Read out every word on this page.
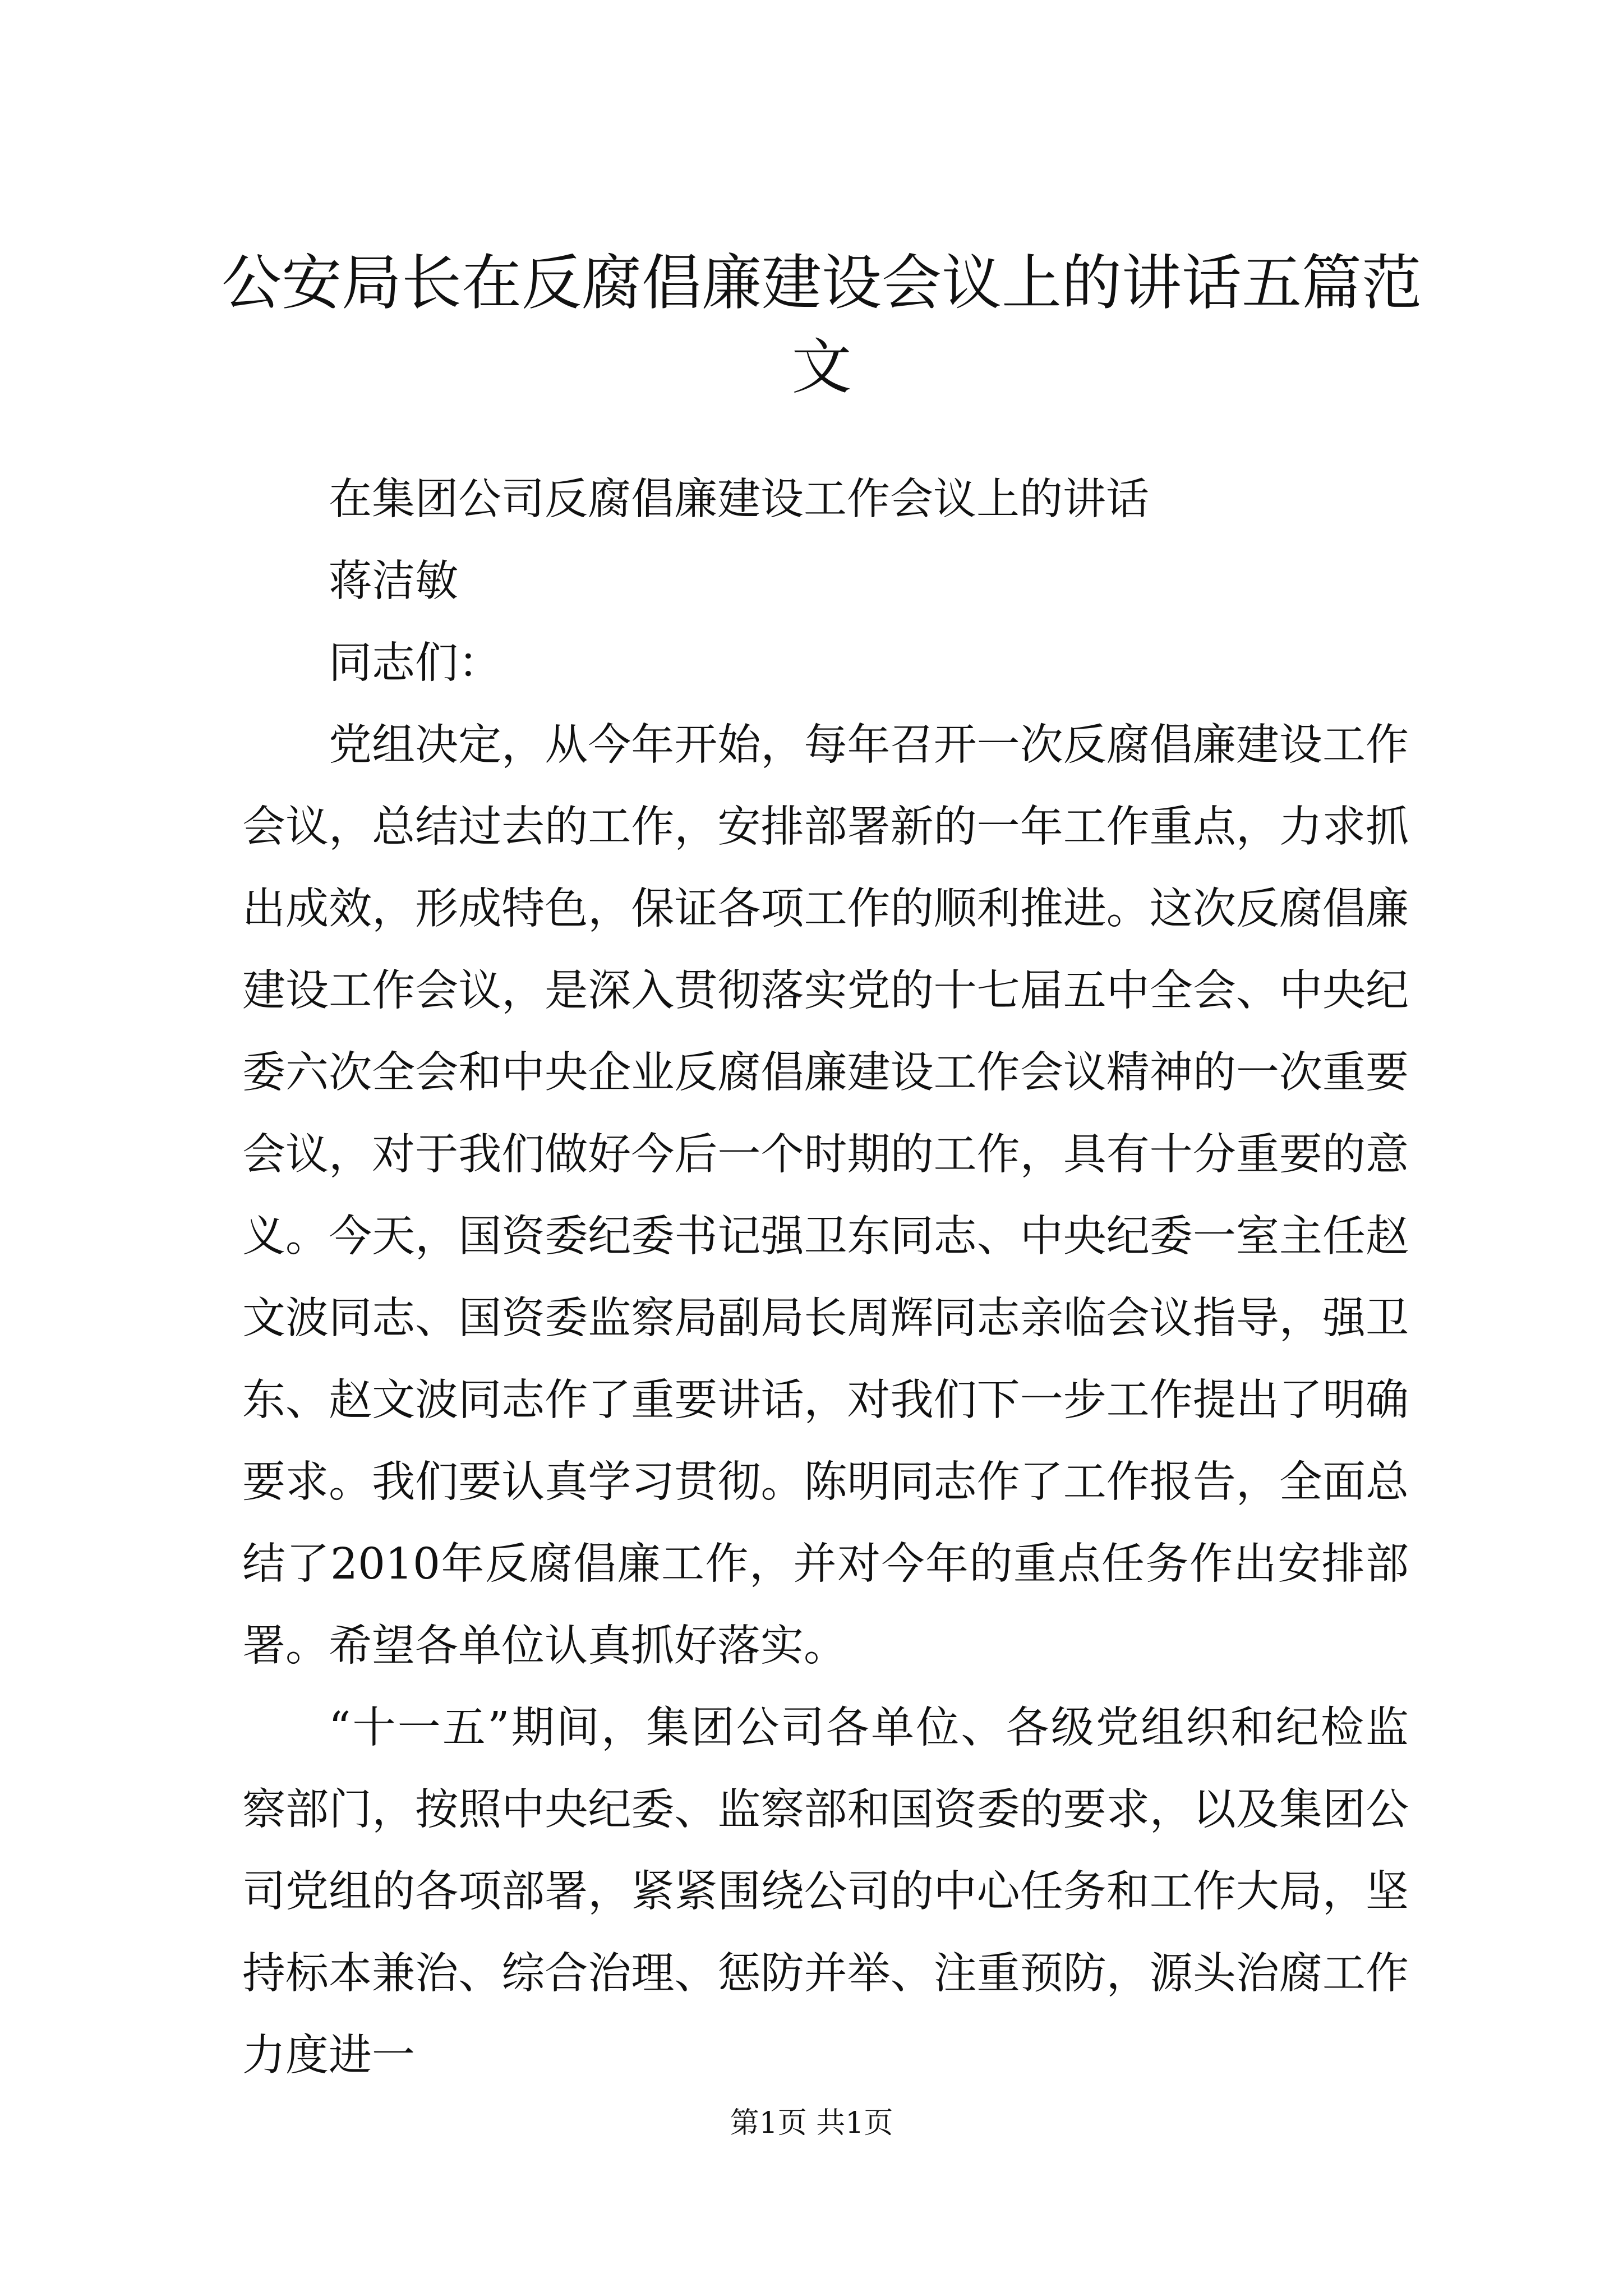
公安局长在反腐倡廉建设会议上的讲话五篇范文

在集团公司反腐倡廉建设工作会议上的讲话

蒋洁敏

同志们：

党组决定，从今年开始，每年召开一次反腐倡廉建设工作会议，总结过去的工作，安排部署新的一年工作重点，力求抓出成效，形成特色，保证各项工作的顺利推进。这次反腐倡廉建设工作会议，是深入贯彻落实党的十七届五中全会、中央纪委六次全会和中央企业反腐倡廉建设工作会议精神的一次重要会议，对于我们做好今后一个时期的工作，具有十分重要的意义。今天，国资委纪委书记强卫东同志、中央纪委一室主任赵文波同志、国资委监察局副局长周辉同志亲临会议指导，强卫东、赵文波同志作了重要讲话，对我们下一步工作提出了明确要求。我们要认真学习贯彻。陈明同志作了工作报告，全面总结了2010年反腐倡廉工作，并对今年的重点任务作出安排部署。希望各单位认真抓好落实。

“十一五”期间，集团公司各单位、各级党组织和纪检监察部门，按照中央纪委、监察部和国资委的要求，以及集团公司党组的各项部署，紧紧围绕公司的中心任务和工作大局，坚持标本兼治、综合治理、惩防并举、注重预防，源头治腐工作力度进一

第1页 共1页
